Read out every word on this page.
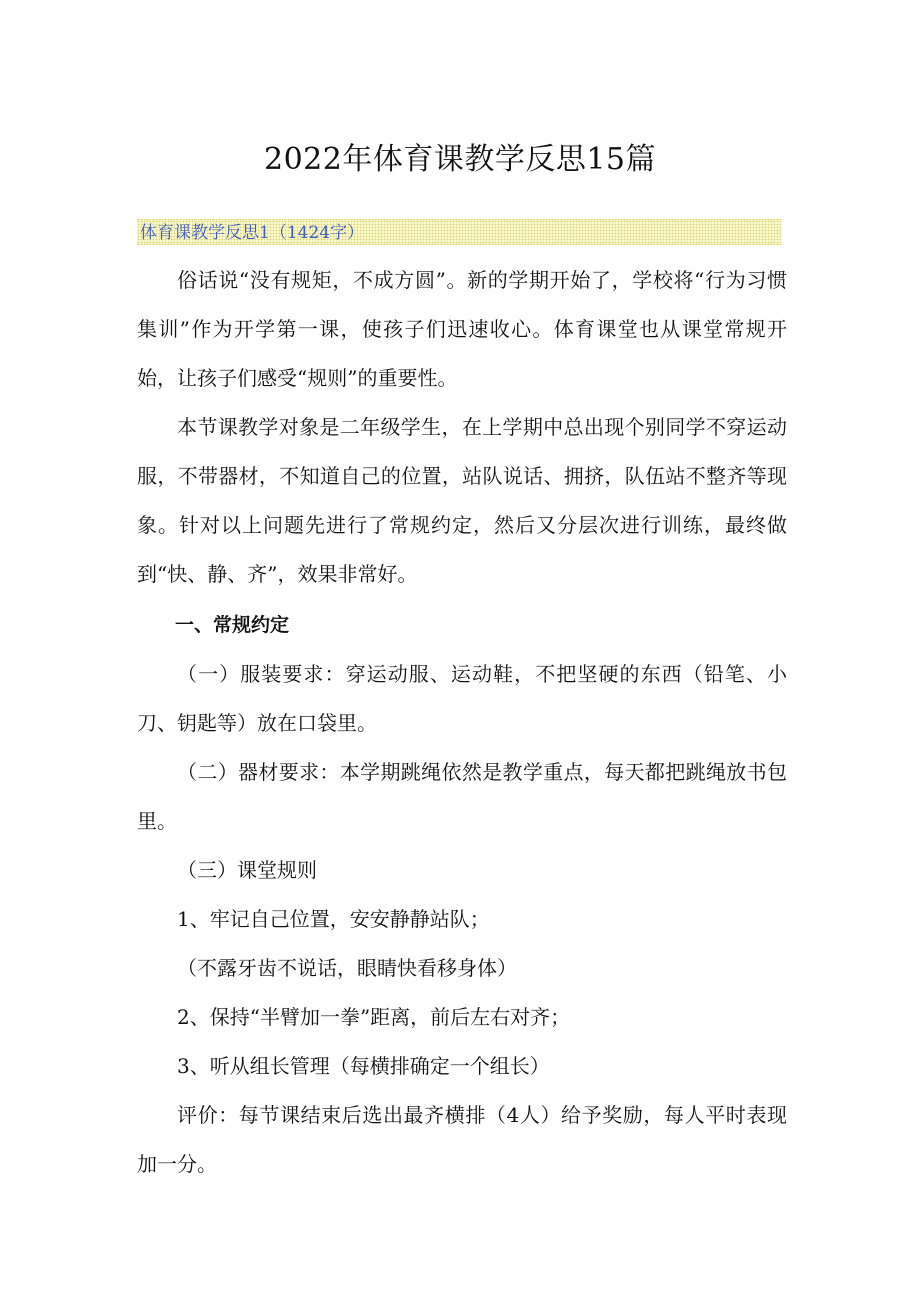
2022年体育课教学反思15篇
体育课教学反思1（1424字）

俗话说“没有规矩，不成方圆”。新的学期开始了，学校将“行为习惯集训”作为开学第一课，使孩子们迅速收心。体育课堂也从课堂常规开始，让孩子们感受“规则”的重要性。

本节课教学对象是二年级学生，在上学期中总出现个别同学不穿运动服，不带器材，不知道自己的位置，站队说话、拥挤，队伍站不整齐等现象。针对以上问题先进行了常规约定，然后又分层次进行训练，最终做到“快、静、齐”，效果非常好。

一、常规约定

（一）服装要求：穿运动服、运动鞋，不把坚硬的东西（铅笔、小刀、钥匙等）放在口袋里。

（二）器材要求：本学期跳绳依然是教学重点，每天都把跳绳放书包里。

（三）课堂规则

1、牢记自己位置，安安静静站队；

（不露牙齿不说话，眼睛快看移身体）

2、保持“半臂加一拳”距离，前后左右对齐；

3、听从组长管理（每横排确定一个组长）

评价：每节课结束后选出最齐横排（4人）给予奖励，每人平时表现加一分。
